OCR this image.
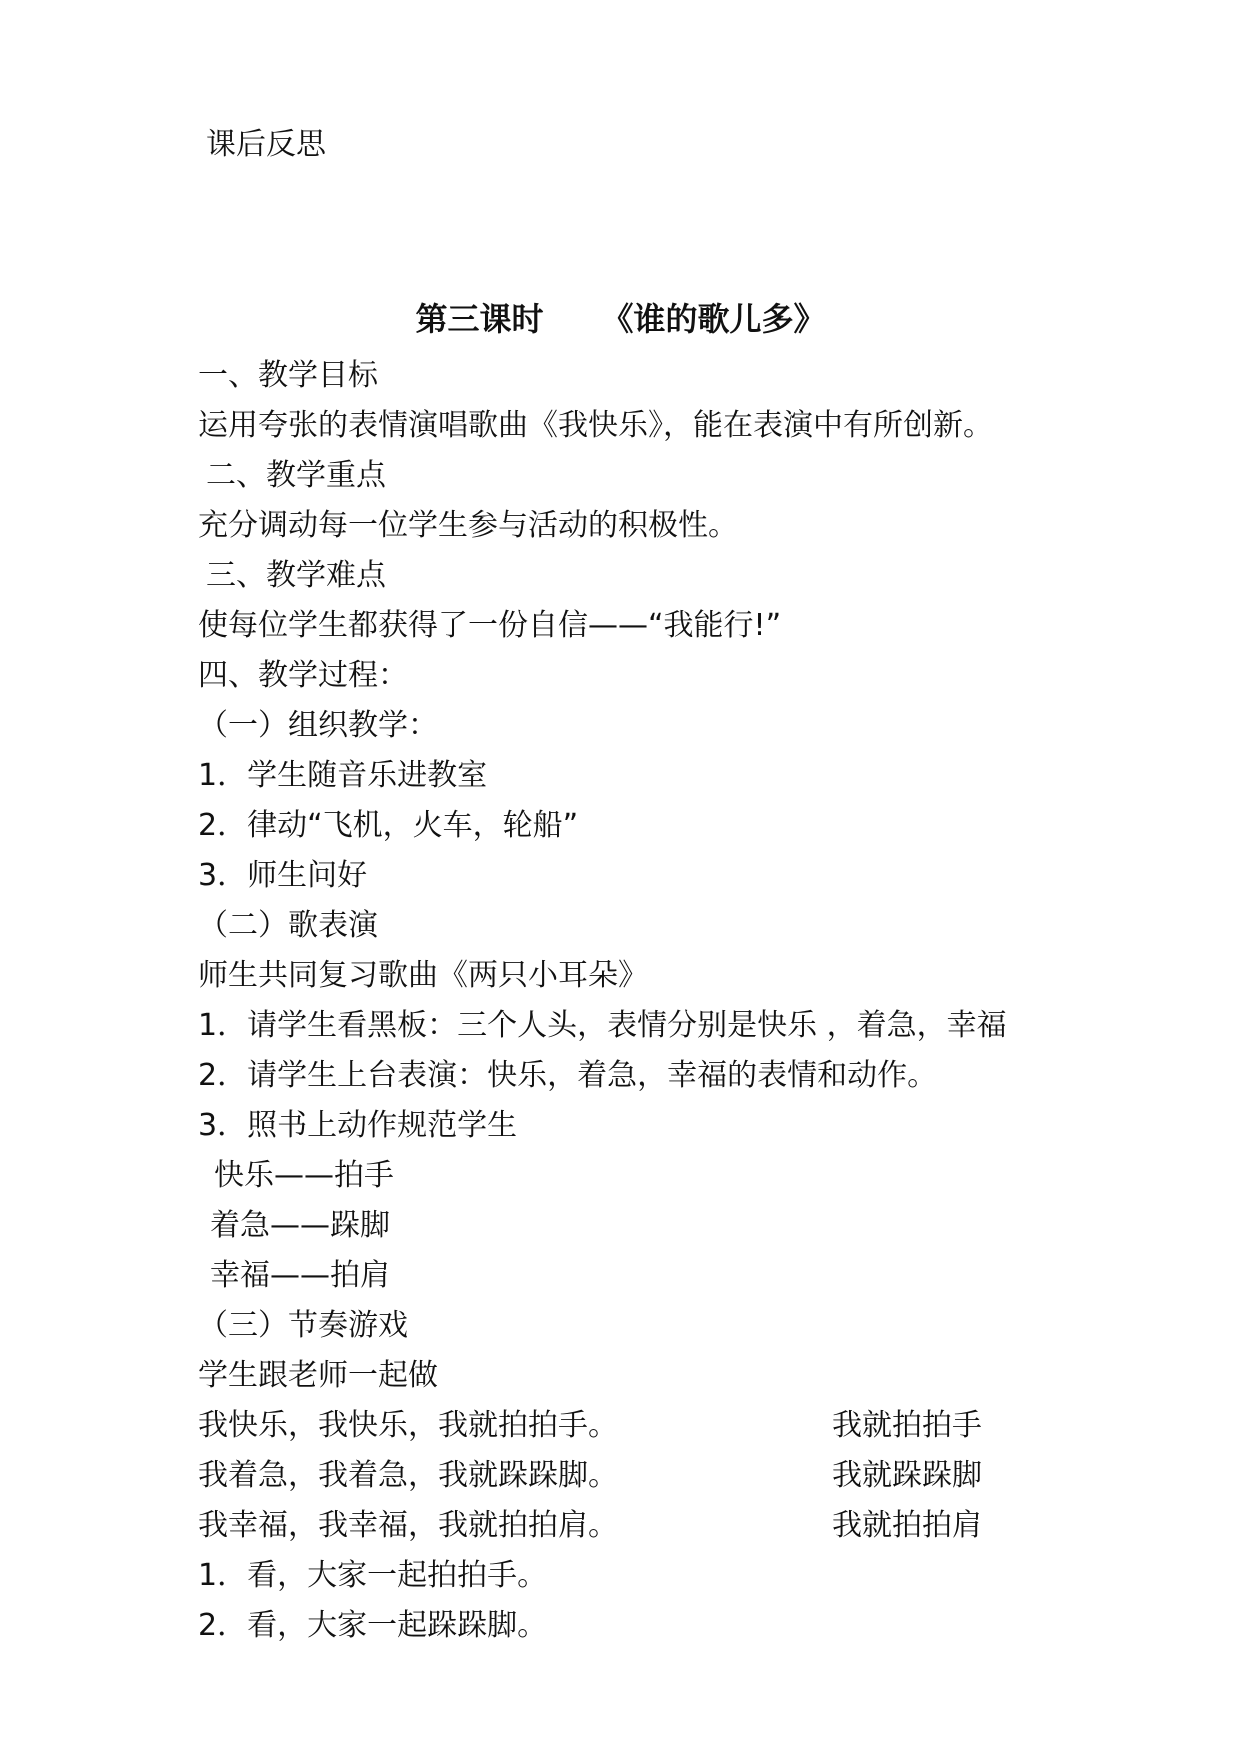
课后反思
第三课时 《谁的歌儿多》
一、教学目标
运用夸张的表情演唱歌曲《我快乐》，能在表演中有所创新。
二、教学重点
充分调动每一位学生参与活动的积极性。
三、教学难点
使每位学生都获得了一份自信——“我能行!”
四、教学过程：
（一）组织教学：
1．学生随音乐进教室
2．律动“飞机，火车，轮船”
3．师生问好
（二）歌表演
师生共同复习歌曲《两只小耳朵》
1．请学生看黑板：三个人头，表情分别是快乐 ，着急，幸福
2．请学生上台表演：快乐，着急，幸福的表情和动作。
3．照书上动作规范学生
快乐——拍手
着急——跺脚
幸福——拍肩
（三）节奏游戏
学生跟老师一起做
我快乐，我快乐，我就拍拍手。	我就拍拍手
我着急，我着急，我就跺跺脚。	我就跺跺脚
我幸福，我幸福，我就拍拍肩。	我就拍拍肩
1．看，大家一起拍拍手。
2．看，大家一起跺跺脚。
